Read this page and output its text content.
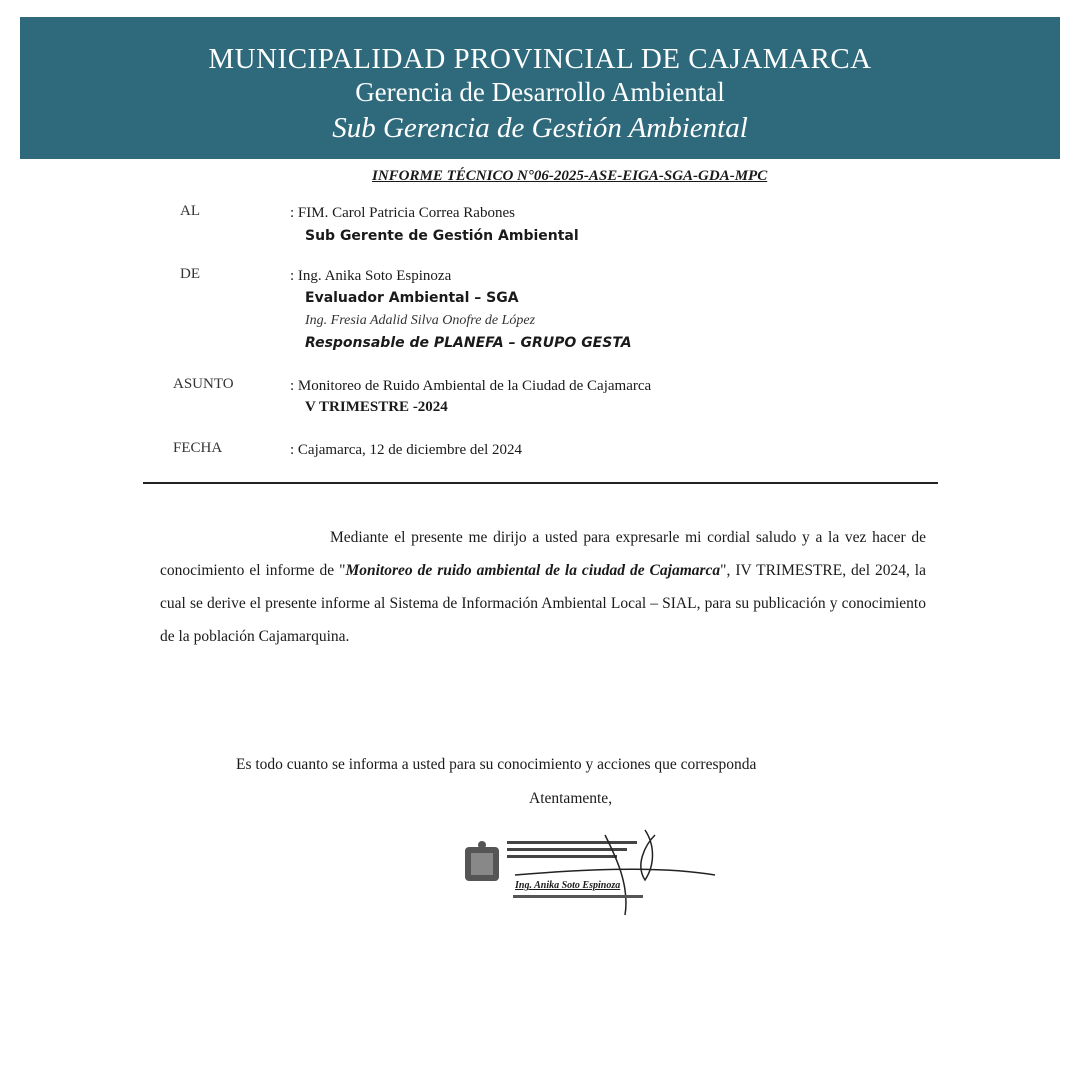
MUNICIPALIDAD PROVINCIAL DE CAJAMARCA
Gerencia de Desarrollo Ambiental
Sub Gerencia de Gestión Ambiental
INFORME TÉCNICO N°06-2025-ASE-EIGA-SGA-GDA-MPC
AL	: FIM. Carol Patricia Correa Rabones
Sub Gerente de Gestión Ambiental
DE	: Ing. Anika Soto Espinoza
Evaluador Ambiental – SGA
Ing. Fresia Adalid Silva Onofre de López
Responsable de PLANEFA – GRUPO GESTA
ASUNTO	: Monitoreo de Ruido Ambiental de la Ciudad de Cajamarca
V TRIMESTRE -2024
FECHA	: Cajamarca, 12 de diciembre del 2024
Mediante el presente me dirijo a usted para expresarle mi cordial saludo y a la vez hacer de conocimiento el informe de "Monitoreo de ruido ambiental de la ciudad de Cajamarca", IV TRIMESTRE, del 2024, la cual se derive el presente informe al Sistema de Información Ambiental Local – SIAL, para su publicación y conocimiento de la población Cajamarquina.
Es todo cuanto se informa a usted para su conocimiento y acciones que corresponda
Atentamente,
Ing. Anika Soto Espinoza
